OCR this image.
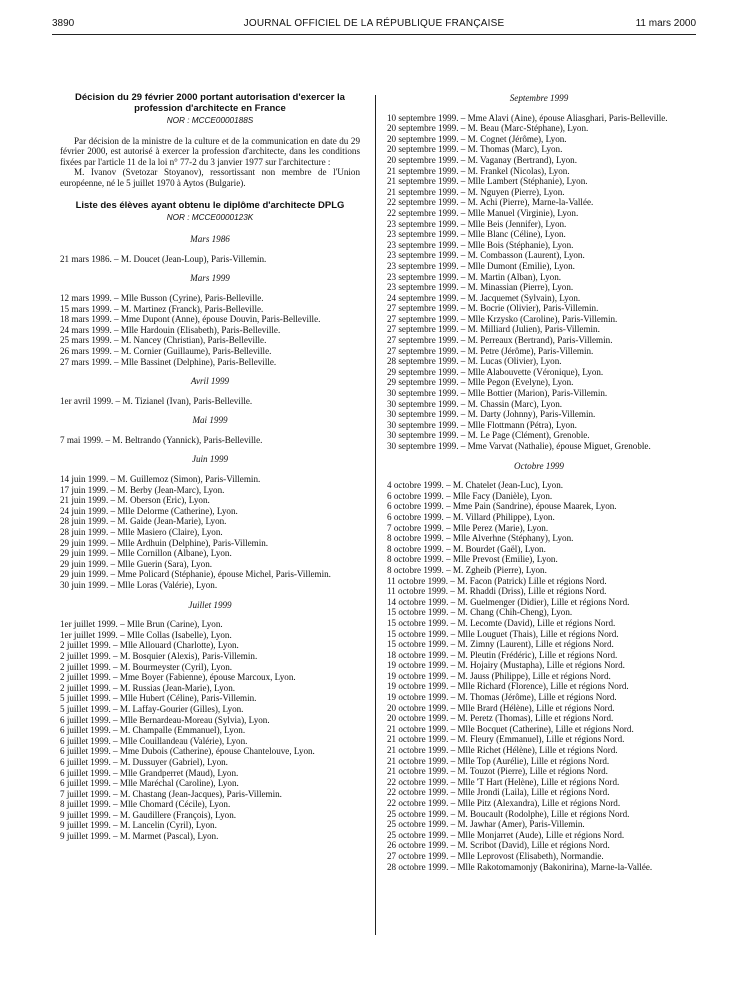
3890	JOURNAL OFFICIEL DE LA RÉPUBLIQUE FRANÇAISE	11 mars 2000
Décision du 29 février 2000 portant autorisation d'exercer la profession d'architecte en France
NOR : MCCE0000188S

Par décision de la ministre de la culture et de la communication en date du 29 février 2000, est autorisé à exercer la profession d'architecte, dans les conditions fixées par l'article 11 de la loi n° 77-2 du 3 janvier 1977 sur l'architecture :

M. Ivanov (Svetozar Stoyanov), ressortissant non membre de l'Union européenne, né le 5 juillet 1970 à Aytos (Bulgarie).

Liste des élèves ayant obtenu le diplôme d'architecte DPLG
NOR : MCCE0000123K
Mars 1986
21 mars 1986. – M. Doucet (Jean-Loup), Paris-Villemin.
Mars 1999
12 mars 1999. – Mlle Busson (Cyrine), Paris-Belleville.
15 mars 1999. – M. Martinez (Franck), Paris-Belleville.
18 mars 1999. – Mme Dupont (Anne), épouse Douvin, Paris-Belleville.
24 mars 1999. – Mlle Hardouin (Elisabeth), Paris-Belleville.
25 mars 1999. – M. Nancey (Christian), Paris-Belleville.
26 mars 1999. – M. Cornier (Guillaume), Paris-Belleville.
27 mars 1999. – Mlle Bassinet (Delphine), Paris-Belleville.
Avril 1999
1er avril 1999. – M. Tizianel (Ivan), Paris-Belleville.
Mai 1999
7 mai 1999. – M. Beltrando (Yannick), Paris-Belleville.
Juin 1999
14 juin 1999. – M. Guillemoz (Simon), Paris-Villemin.
17 juin 1999. – M. Berby (Jean-Marc), Lyon.
21 juin 1999. – M. Oberson (Eric), Lyon.
24 juin 1999. – Mlle Delorme (Catherine), Lyon.
28 juin 1999. – M. Gaide (Jean-Marie), Lyon.
28 juin 1999. – Mlle Masiero (Claire), Lyon.
29 juin 1999. – Mlle Ardhuin (Delphine), Paris-Villemin.
29 juin 1999. – Mlle Cornillon (Albane), Lyon.
29 juin 1999. – Mlle Guerin (Sara), Lyon.
29 juin 1999. – Mme Policard (Stéphanie), épouse Michel, Paris-Villemin.
30 juin 1999. – Mlle Loras (Valérie), Lyon.
Juillet 1999
1er juillet 1999. – Mlle Brun (Carine), Lyon.
1er juillet 1999. – Mlle Collas (Isabelle), Lyon.
2 juillet 1999. – Mlle Allouard (Charlotte), Lyon.
2 juillet 1999. – M. Bosquier (Alexis), Paris-Villemin.
2 juillet 1999. – M. Bourmeyster (Cyril), Lyon.
2 juillet 1999. – Mme Boyer (Fabienne), épouse Marcoux, Lyon.
2 juillet 1999. – M. Russias (Jean-Marie), Lyon.
5 juillet 1999. – Mlle Hubert (Céline), Paris-Villemin.
5 juillet 1999. – M. Laffay-Gourier (Gilles), Lyon.
6 juillet 1999. – Mlle Bernardeau-Moreau (Sylvia), Lyon.
6 juillet 1999. – M. Champalle (Emmanuel), Lyon.
6 juillet 1999. – Mlle Couillandeau (Valérie), Lyon.
6 juillet 1999. – Mme Dubois (Catherine), épouse Chantelouve, Lyon.
6 juillet 1999. – M. Dussuyer (Gabriel), Lyon.
6 juillet 1999. – Mlle Grandperret (Maud), Lyon.
6 juillet 1999. – Mlle Maréchal (Caroline), Lyon.
7 juillet 1999. – M. Chastang (Jean-Jacques), Paris-Villemin.
8 juillet 1999. – Mlle Chomard (Cécile), Lyon.
9 juillet 1999. – M. Gaudillere (François), Lyon.
9 juillet 1999. – M. Lancelin (Cyril), Lyon.
9 juillet 1999. – M. Marmet (Pascal), Lyon.
Septembre 1999
10 septembre 1999. – Mme Alavi (Aine), épouse Aliasghari, Paris-Belleville.
20 septembre 1999. – M. Beau (Marc-Stéphane), Lyon.
20 septembre 1999. – M. Cognet (Jérôme), Lyon.
20 septembre 1999. – M. Thomas (Marc), Lyon.
20 septembre 1999. – M. Vaganay (Bertrand), Lyon.
21 septembre 1999. – M. Frankel (Nicolas), Lyon.
21 septembre 1999. – Mlle Lambert (Stéphanie), Lyon.
21 septembre 1999. – M. Nguyen (Pierre), Lyon.
22 septembre 1999. – M. Achi (Pierre), Marne-la-Vallée.
22 septembre 1999. – Mlle Manuel (Virginie), Lyon.
23 septembre 1999. – Mlle Beis (Jennifer), Lyon.
23 septembre 1999. – Mlle Blanc (Céline), Lyon.
23 septembre 1999. – Mlle Bois (Stéphanie), Lyon.
23 septembre 1999. – M. Combasson (Laurent), Lyon.
23 septembre 1999. – Mlle Dumont (Emilie), Lyon.
23 septembre 1999. – M. Martin (Alban), Lyon.
23 septembre 1999. – M. Minassian (Pierre), Lyon.
24 septembre 1999. – M. Jacquemet (Sylvain), Lyon.
27 septembre 1999. – M. Bocrie (Olivier), Paris-Villemin.
27 septembre 1999. – Mlle Krzysko (Caroline), Paris-Villemin.
27 septembre 1999. – M. Milliard (Julien), Paris-Villemin.
27 septembre 1999. – M. Perreaux (Bertrand), Paris-Villemin.
27 septembre 1999. – M. Petre (Jérôme), Paris-Villemin.
28 septembre 1999. – M. Lucas (Olivier), Lyon.
29 septembre 1999. – Mlle Alabouvette (Véronique), Lyon.
29 septembre 1999. – Mlle Pegon (Evelyne), Lyon.
30 septembre 1999. – Mlle Bottier (Marion), Paris-Villemin.
30 septembre 1999. – M. Chassin (Marc), Lyon.
30 septembre 1999. – M. Darty (Johnny), Paris-Villemin.
30 septembre 1999. – Mlle Flottmann (Pétra), Lyon.
30 septembre 1999. – M. Le Page (Clément), Grenoble.
30 septembre 1999. – Mme Varvat (Nathalie), épouse Miguet, Grenoble.
Octobre 1999
4 octobre 1999. – M. Chatelet (Jean-Luc), Lyon.
6 octobre 1999. – Mlle Facy (Danièle), Lyon.
6 octobre 1999. – Mme Pain (Sandrine), épouse Maarek, Lyon.
6 octobre 1999. – M. Villard (Philippe), Lyon.
7 octobre 1999. – Mlle Perez (Marie), Lyon.
8 octobre 1999. – Mlle Alverhne (Stéphany), Lyon.
8 octobre 1999. – M. Bourdet (Gaël), Lyon.
8 octobre 1999. – Mlle Prevost (Emilie), Lyon.
8 octobre 1999. – M. Zgheib (Pierre), Lyon.
11 octobre 1999. – M. Facon (Patrick) Lille et régions Nord.
11 octobre 1999. – M. Rhaddi (Driss), Lille et régions Nord.
14 octobre 1999. – M. Guelmenger (Didier), Lille et régions Nord.
15 octobre 1999. – M. Chang (Chih-Cheng), Lyon.
15 octobre 1999. – M. Lecomte (David), Lille et régions Nord.
15 octobre 1999. – Mlle Louguet (Thais), Lille et régions Nord.
15 octobre 1999. – M. Zimny (Laurent), Lille et régions Nord.
18 octobre 1999. – M. Pleutin (Frédéric), Lille et régions Nord.
19 octobre 1999. – M. Hojairy (Mustapha), Lille et régions Nord.
19 octobre 1999. – M. Jauss (Philippe), Lille et régions Nord.
19 octobre 1999. – Mlle Richard (Florence), Lille et régions Nord.
19 octobre 1999. – M. Thomas (Jérôme), Lille et régions Nord.
20 octobre 1999. – Mlle Brard (Hélène), Lille et régions Nord.
20 octobre 1999. – M. Peretz (Thomas), Lille et régions Nord.
21 octobre 1999. – Mlle Bocquet (Catherine), Lille et régions Nord.
21 octobre 1999. – M. Fleury (Emmanuel), Lille et régions Nord.
21 octobre 1999. – Mlle Richet (Hélène), Lille et régions Nord.
21 octobre 1999. – Mlle Top (Aurélie), Lille et régions Nord.
21 octobre 1999. – M. Touzot (Pierre), Lille et régions Nord.
22 octobre 1999. – Mlle 'T Hart (Helène), Lille et régions Nord.
22 octobre 1999. – Mlle Jrondi (Laila), Lille et régions Nord.
22 octobre 1999. – Mlle Pitz (Alexandra), Lille et régions Nord.
25 octobre 1999. – M. Boucault (Rodolphe), Lille et régions Nord.
25 octobre 1999. – M. Jawhar (Amer), Paris-Villemin.
25 octobre 1999. – Mlle Monjarret (Aude), Lille et régions Nord.
26 octobre 1999. – M. Scribot (David), Lille et régions Nord.
27 octobre 1999. – Mlle Leprovost (Elisabeth), Normandie.
28 octobre 1999. – Mlle Rakotomamonjy (Bakonirina), Marne-la-Vallée.
